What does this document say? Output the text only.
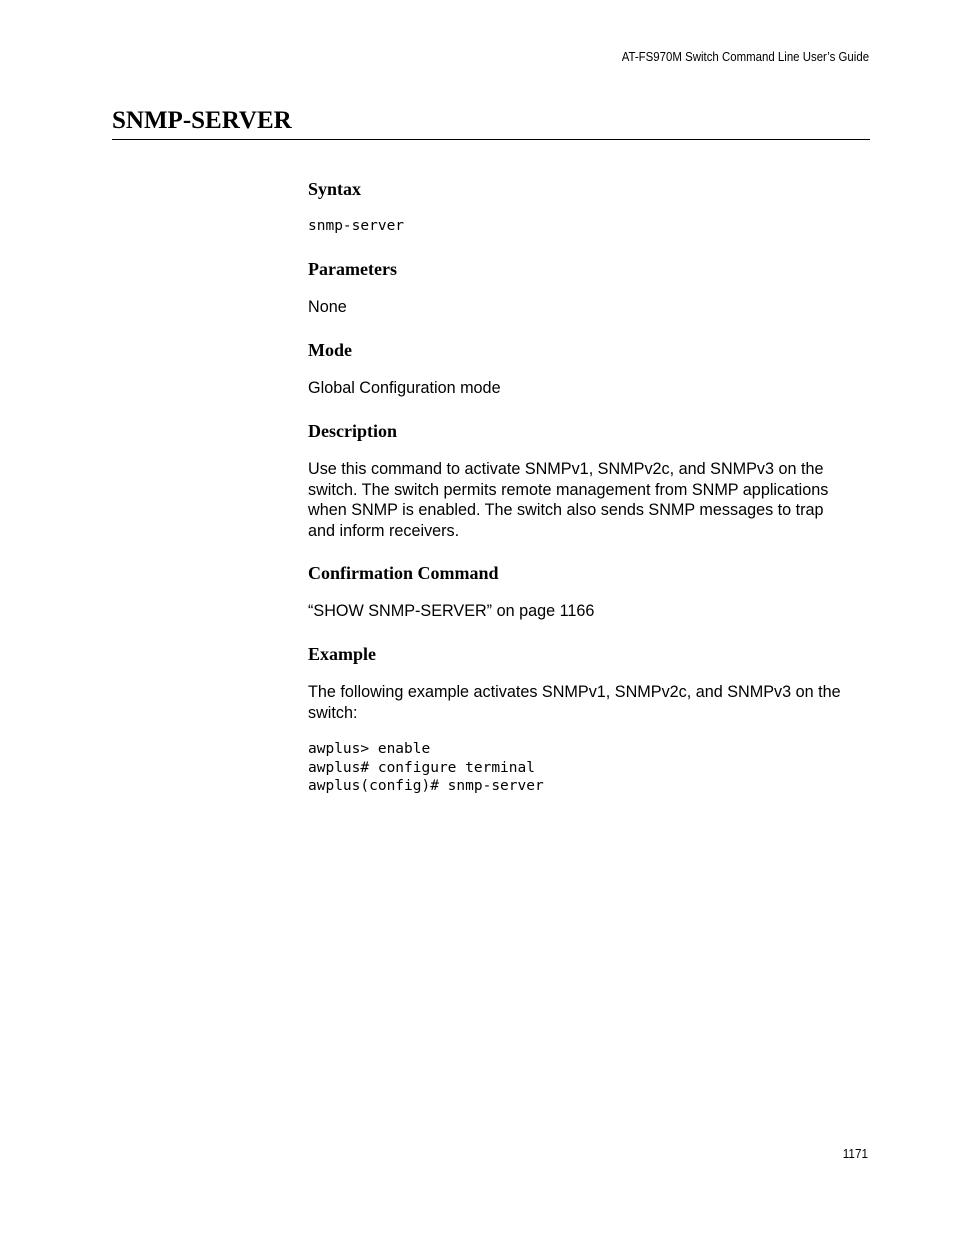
AT-FS970M Switch Command Line User’s Guide
SNMP-SERVER
Syntax
snmp-server
Parameters

None

Mode

Global Configuration mode

Description

Use this command to activate SNMPv1, SNMPv2c, and SNMPv3 on the

switch. The switch permits remote management from SNMP applications

when SNMP is enabled. The switch also sends SNMP messages to trap

and inform receivers.

Confirmation Command

“SHOW SNMP-SERVER” on page 1166

Example

The following example activates SNMPv1, SNMPv2c, and SNMPv3 on the

switch:

awplus> enable
awplus# configure terminal
awplus(config)# snmp-server
1171
